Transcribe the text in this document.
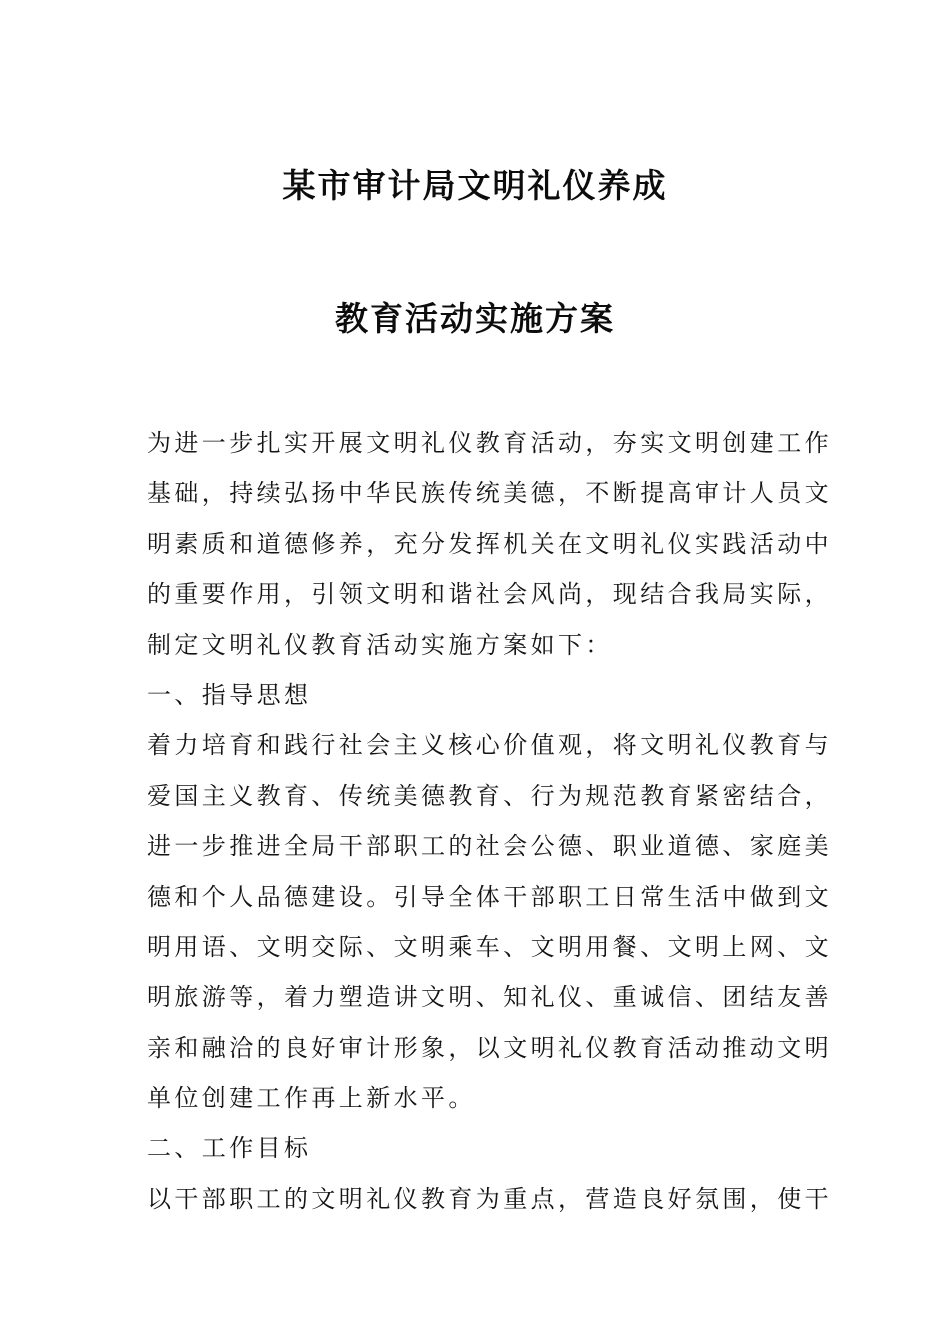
某市审计局文明礼仪养成
教育活动实施方案
为进一步扎实开展文明礼仪教育活动，夯实文明创建工作
基础，持续弘扬中华民族传统美德，不断提高审计人员文
明素质和道德修养，充分发挥机关在文明礼仪实践活动中
的重要作用，引领文明和谐社会风尚，现结合我局实际，
制定文明礼仪教育活动实施方案如下：
一、指导思想
着力培育和践行社会主义核心价值观，将文明礼仪教育与
爱国主义教育、传统美德教育、行为规范教育紧密结合，
进一步推进全局干部职工的社会公德、职业道德、家庭美
德和个人品德建设。引导全体干部职工日常生活中做到文
明用语、文明交际、文明乘车、文明用餐、文明上网、文
明旅游等，着力塑造讲文明、知礼仪、重诚信、团结友善
亲和融洽的良好审计形象，以文明礼仪教育活动推动文明
单位创建工作再上新水平。
二、工作目标
以干部职工的文明礼仪教育为重点，营造良好氛围，使干
